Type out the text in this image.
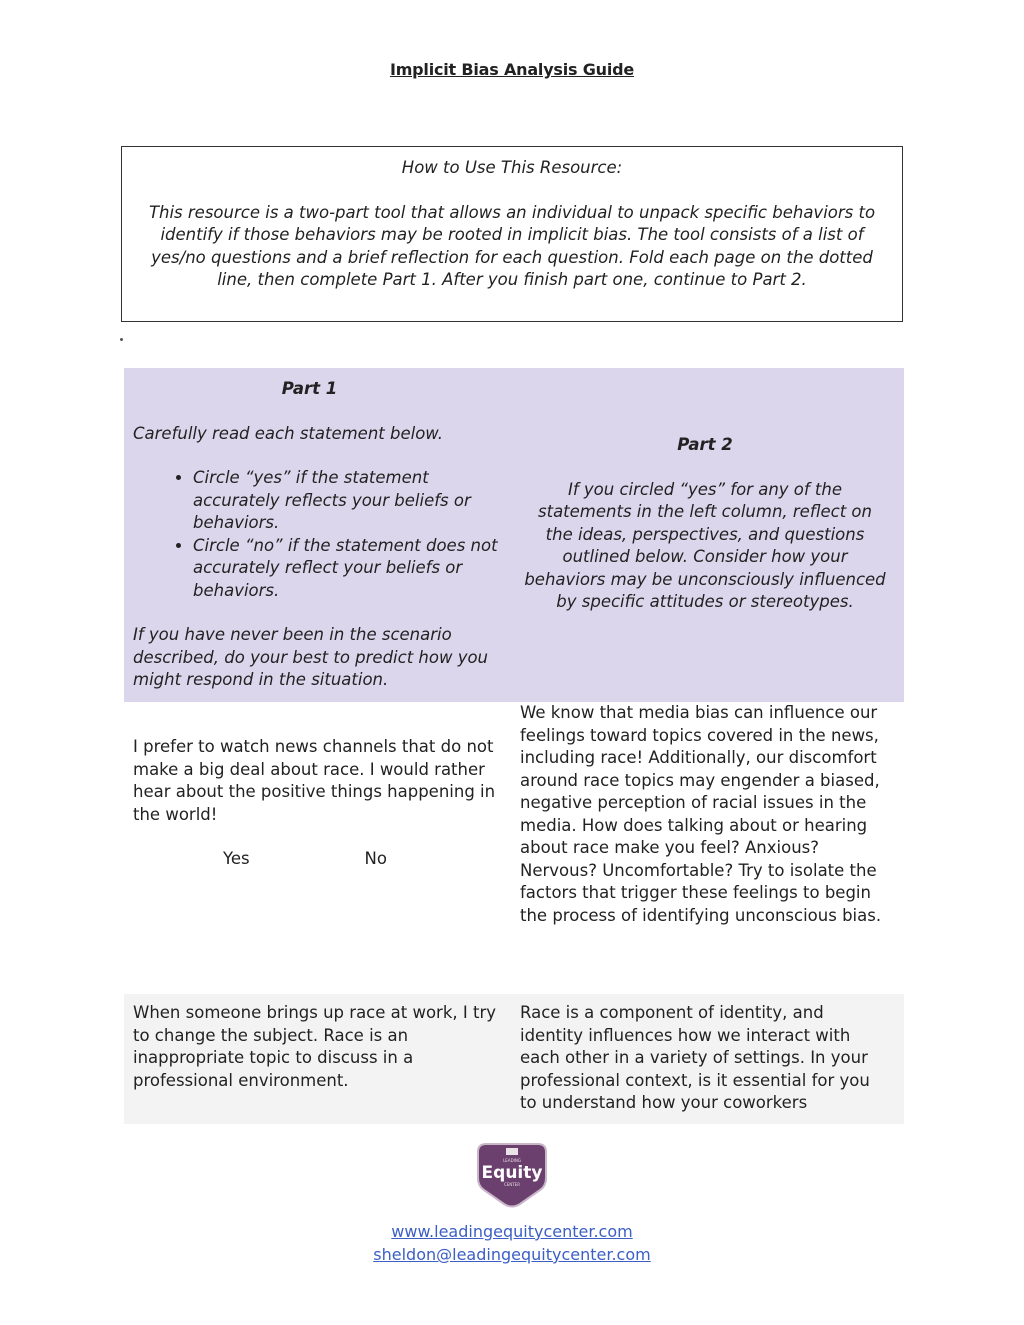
Implicit Bias Analysis Guide
How to Use This Resource:
This resource is a two-part tool that allows an individual to unpack specific behaviors to identify if those behaviors may be rooted in implicit bias. The tool consists of a list of yes/no questions and a brief reflection for each question. Fold each page on the dotted line, then complete Part 1. After you finish part one, continue to Part 2.
Part 1
Carefully read each statement below.
• Circle “yes” if the statement accurately reflects your beliefs or behaviors.
• Circle “no” if the statement does not accurately reflect your beliefs or behaviors.
If you have never been in the scenario described, do your best to predict how you might respond in the situation.
Part 2
If you circled “yes” for any of the statements in the left column, reflect on the ideas, perspectives, and questions outlined below. Consider how your behaviors may be unconsciously influenced by specific attitudes or stereotypes.
I prefer to watch news channels that do not make a big deal about race. I would rather hear about the positive things happening in the world!
Yes	No
We know that media bias can influence our feelings toward topics covered in the news, including race! Additionally, our discomfort around race topics may engender a biased, negative perception of racial issues in the media. How does talking about or hearing about race make you feel? Anxious? Nervous? Uncomfortable? Try to isolate the factors that trigger these feelings to begin the process of identifying unconscious bias.
When someone brings up race at work, I try to change the subject. Race is an inappropriate topic to discuss in a professional environment.
Race is a component of identity, and identity influences how we interact with each other in a variety of settings. In your professional context, is it essential for you to understand how your coworkers
LEADING
Equity
CENTER
www.leadingequitycenter.com
sheldon@leadingequitycenter.com
